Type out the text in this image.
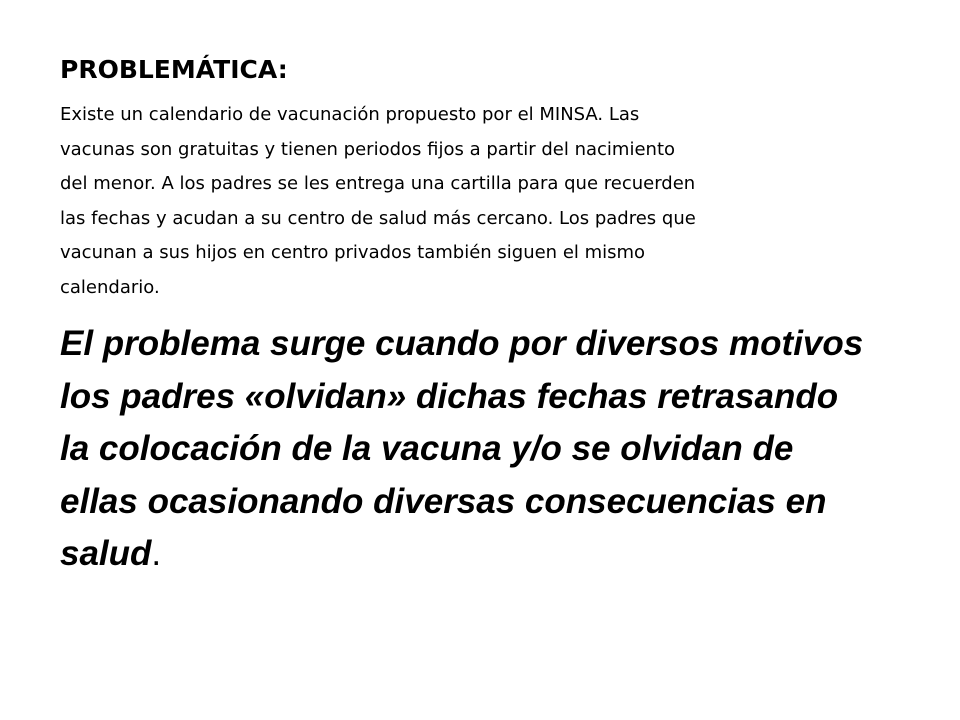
PROBLEMÁTICA:

Existe un calendario de vacunación propuesto por el MINSA. Las
vacunas son gratuitas y tienen periodos fijos a partir del nacimiento
del menor. A los padres se les entrega una cartilla para que recuerden
las fechas y acudan a su centro de salud más cercano. Los padres que
vacunan a sus hijos en centro privados también siguen el mismo
calendario.

El problema surge cuando por diversos motivos
los padres «olvidan» dichas fechas retrasando
la colocación de la vacuna y/o se olvidan de
ellas ocasionando diversas consecuencias en
salud.
